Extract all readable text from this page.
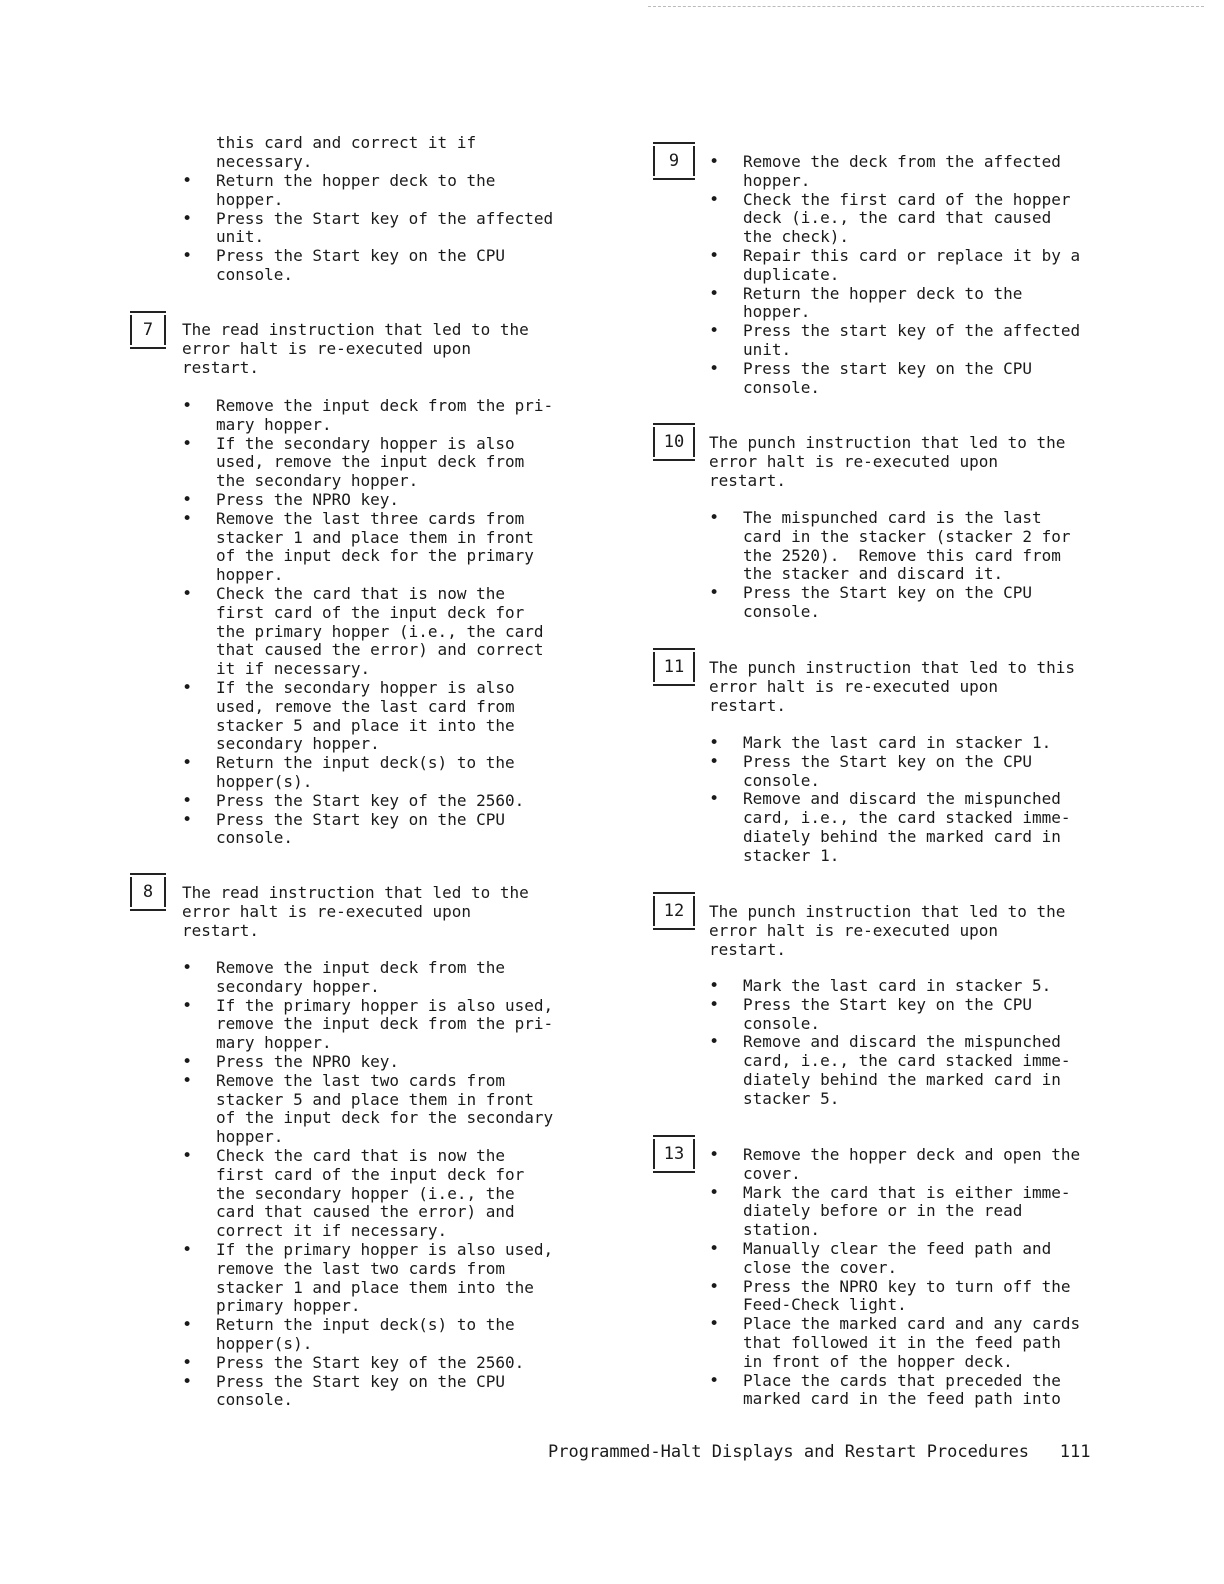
this card and correct it if
necessary.
• Return the hopper deck to the
hopper.
• Press the Start key of the affected
unit.
• Press the Start key on the CPU
console.
7	The read instruction that led to the
error halt is re-executed upon
restart.
• Remove the input deck from the pri-
mary hopper.
• If the secondary hopper is also
used, remove the input deck from
the secondary hopper.
• Press the NPRO key.
• Remove the last three cards from
stacker 1 and place them in front
of the input deck for the primary
hopper.
• Check the card that is now the
first card of the input deck for
the primary hopper (i.e., the card
that caused the error) and correct
it if necessary.
• If the secondary hopper is also
used, remove the last card from
stacker 5 and place it into the
secondary hopper.
• Return the input deck(s) to the
hopper(s).
• Press the Start key of the 2560.
• Press the Start key on the CPU
console.
8	The read instruction that led to the
error halt is re-executed upon
restart.
• Remove the input deck from the
secondary hopper.
• If the primary hopper is also used,
remove the input deck from the pri-
mary hopper.
• Press the NPRO key.
• Remove the last two cards from
stacker 5 and place them in front
of the input deck for the secondary
hopper.
• Check the card that is now the
first card of the input deck for
the secondary hopper (i.e., the
card that caused the error) and
correct it if necessary.
• If the primary hopper is also used,
remove the last two cards from
stacker 1 and place them into the
primary hopper.
• Return the input deck(s) to the
hopper(s).
• Press the Start key of the 2560.
• Press the Start key on the CPU
console.
9	• Remove the deck from the affected
hopper.
• Check the first card of the hopper
deck (i.e., the card that caused
the check).
• Repair this card or replace it by a
duplicate.
• Return the hopper deck to the
hopper.
• Press the start key of the affected
unit.
• Press the start key on the CPU
console.
10	The punch instruction that led to the
error halt is re-executed upon
restart.
• The mispunched card is the last
card in the stacker (stacker 2 for
the 2520).  Remove this card from
the stacker and discard it.
• Press the Start key on the CPU
console.
11	The punch instruction that led to this
error halt is re-executed upon
restart.
• Mark the last card in stacker 1.
• Press the Start key on the CPU
console.
• Remove and discard the mispunched
card, i.e., the card stacked imme-
diately behind the marked card in
stacker 1.
12	The punch instruction that led to the
error halt is re-executed upon
restart.
• Mark the last card in stacker 5.
• Press the Start key on the CPU
console.
• Remove and discard the mispunched
card, i.e., the card stacked imme-
diately behind the marked card in
stacker 5.
13	• Remove the hopper deck and open the
cover.
• Mark the card that is either imme-
diately before or in the read
station.
• Manually clear the feed path and
close the cover.
• Press the NPRO key to turn off the
Feed-Check light.
• Place the marked card and any cards
that followed it in the feed path
in front of the hopper deck.
• Place the cards that preceded the
marked card in the feed path into
Programmed-Halt Displays and Restart Procedures 111
